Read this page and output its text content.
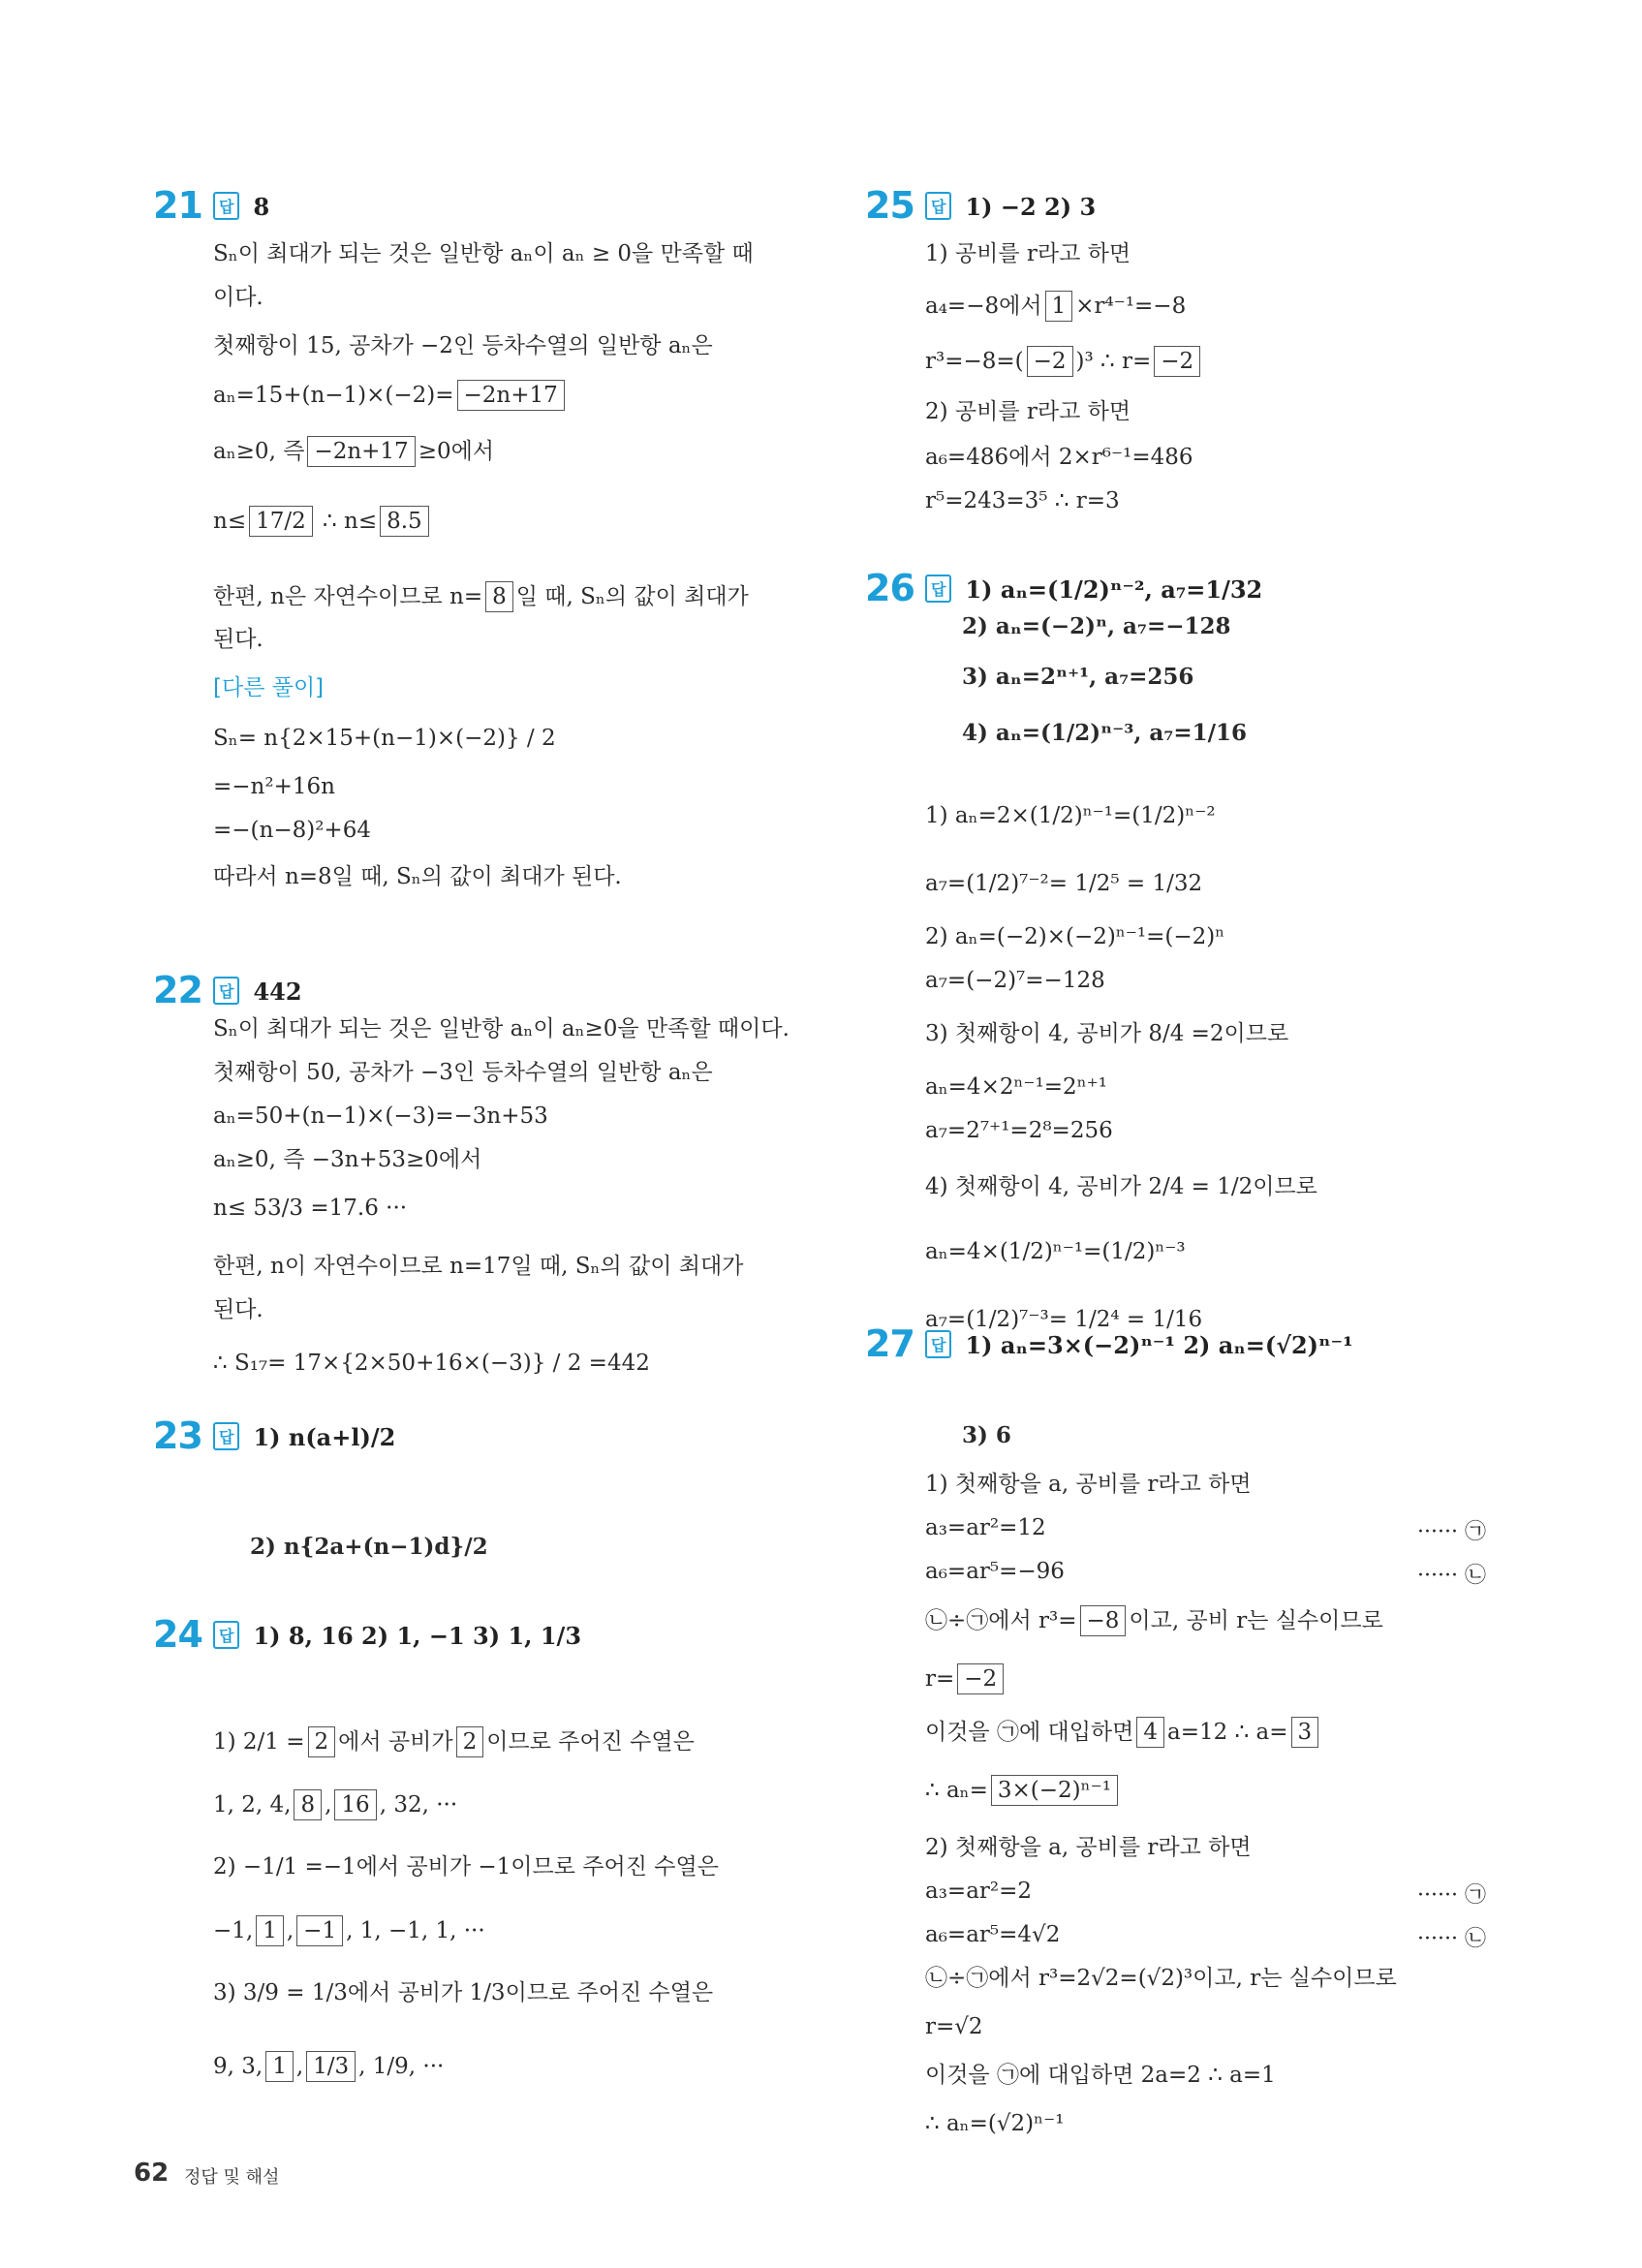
21	답 8
Sₙ이 최대가 되는 것은 일반항 aₙ이 aₙ ≥ 0을 만족할 때
이다.
첫째항이 15, 공차가 −2인 등차수열의 일반항 aₙ은
aₙ=15+(n−1)×(−2)= −2n+17
aₙ≥0, 즉 −2n+17 ≥0에서
n≤ 17/2 ∴ n≤ 8.5
한편, n은 자연수이므로 n= 8 일 때, Sₙ의 값이 최대가
된다.
[다른 풀이]
Sₙ= n{2×15+(n−1)×(−2)} / 2
=−n²+16n
=−(n−8)²+64
따라서 n=8일 때, Sₙ의 값이 최대가 된다.
22	답 442
Sₙ이 최대가 되는 것은 일반항 aₙ이 aₙ≥0을 만족할 때이다.
첫째항이 50, 공차가 −3인 등차수열의 일반항 aₙ은
aₙ=50+(n−1)×(−3)=−3n+53
aₙ≥0, 즉 −3n+53≥0에서
n≤ 53/3 =17.6 ···
한편, n이 자연수이므로 n=17일 때, Sₙ의 값이 최대가
된다.
∴ S₁₇= 17×{2×50+16×(−3)} / 2 =442
23	답 1) n(a+l)/2
2) n{2a+(n−1)d}/2
24	답 1) 8, 16 2) 1, −1 3) 1, 1/3
1) 2/1 = 2 에서 공비가 2 이므로 주어진 수열은
1, 2, 4, 8 , 16 , 32, ···
2) −1/1 =−1에서 공비가 −1이므로 주어진 수열은
−1, 1 , −1 , 1, −1, 1, ···
3) 3/9 = 1/3에서 공비가 1/3이므로 주어진 수열은
9, 3, 1 , 1/3 , 1/9, ···
25	답 1) −2 2) 3
1) 공비를 r라고 하면
a₄=−8에서 1 ×r⁴⁻¹=−8
r³=−8=( −2 )³ ∴ r= −2
2) 공비를 r라고 하면
a₆=486에서 2×r⁶⁻¹=486
r⁵=243=3⁵ ∴ r=3
26	답 1) aₙ=(1/2)ⁿ⁻², a₇=1/32
2) aₙ=(−2)ⁿ, a₇=−128
3) aₙ=2ⁿ⁺¹, a₇=256
4) aₙ=(1/2)ⁿ⁻³, a₇=1/16
1) aₙ=2×(1/2)ⁿ⁻¹=(1/2)ⁿ⁻²
a₇=(1/2)⁷⁻²= 1/2⁵ = 1/32
2) aₙ=(−2)×(−2)ⁿ⁻¹=(−2)ⁿ
a₇=(−2)⁷=−128
3) 첫째항이 4, 공비가 8/4 =2이므로
aₙ=4×2ⁿ⁻¹=2ⁿ⁺¹
a₇=2⁷⁺¹=2⁸=256
4) 첫째항이 4, 공비가 2/4 = 1/2이므로
aₙ=4×(1/2)ⁿ⁻¹=(1/2)ⁿ⁻³
a₇=(1/2)⁷⁻³= 1/2⁴ = 1/16
27	답 1) aₙ=3×(−2)ⁿ⁻¹ 2) aₙ=(√2)ⁿ⁻¹
3) 6
1) 첫째항을 a, 공비를 r라고 하면
a₃=ar²=12	······ ㉠
a₆=ar⁵=−96	······ ㉡
㉡÷㉠에서 r³= −8 이고, 공비 r는 실수이므로
r= −2
이것을 ㉠에 대입하면 4 a=12 ∴ a= 3
∴ aₙ= 3×(−2)ⁿ⁻¹
2) 첫째항을 a, 공비를 r라고 하면
a₃=ar²=2	······ ㉠
a₆=ar⁵=4√2	······ ㉡
㉡÷㉠에서 r³=2√2=(√2)³이고, r는 실수이므로
r=√2
이것을 ㉠에 대입하면 2a=2 ∴ a=1
∴ aₙ=(√2)ⁿ⁻¹
62 정답 및 해설
